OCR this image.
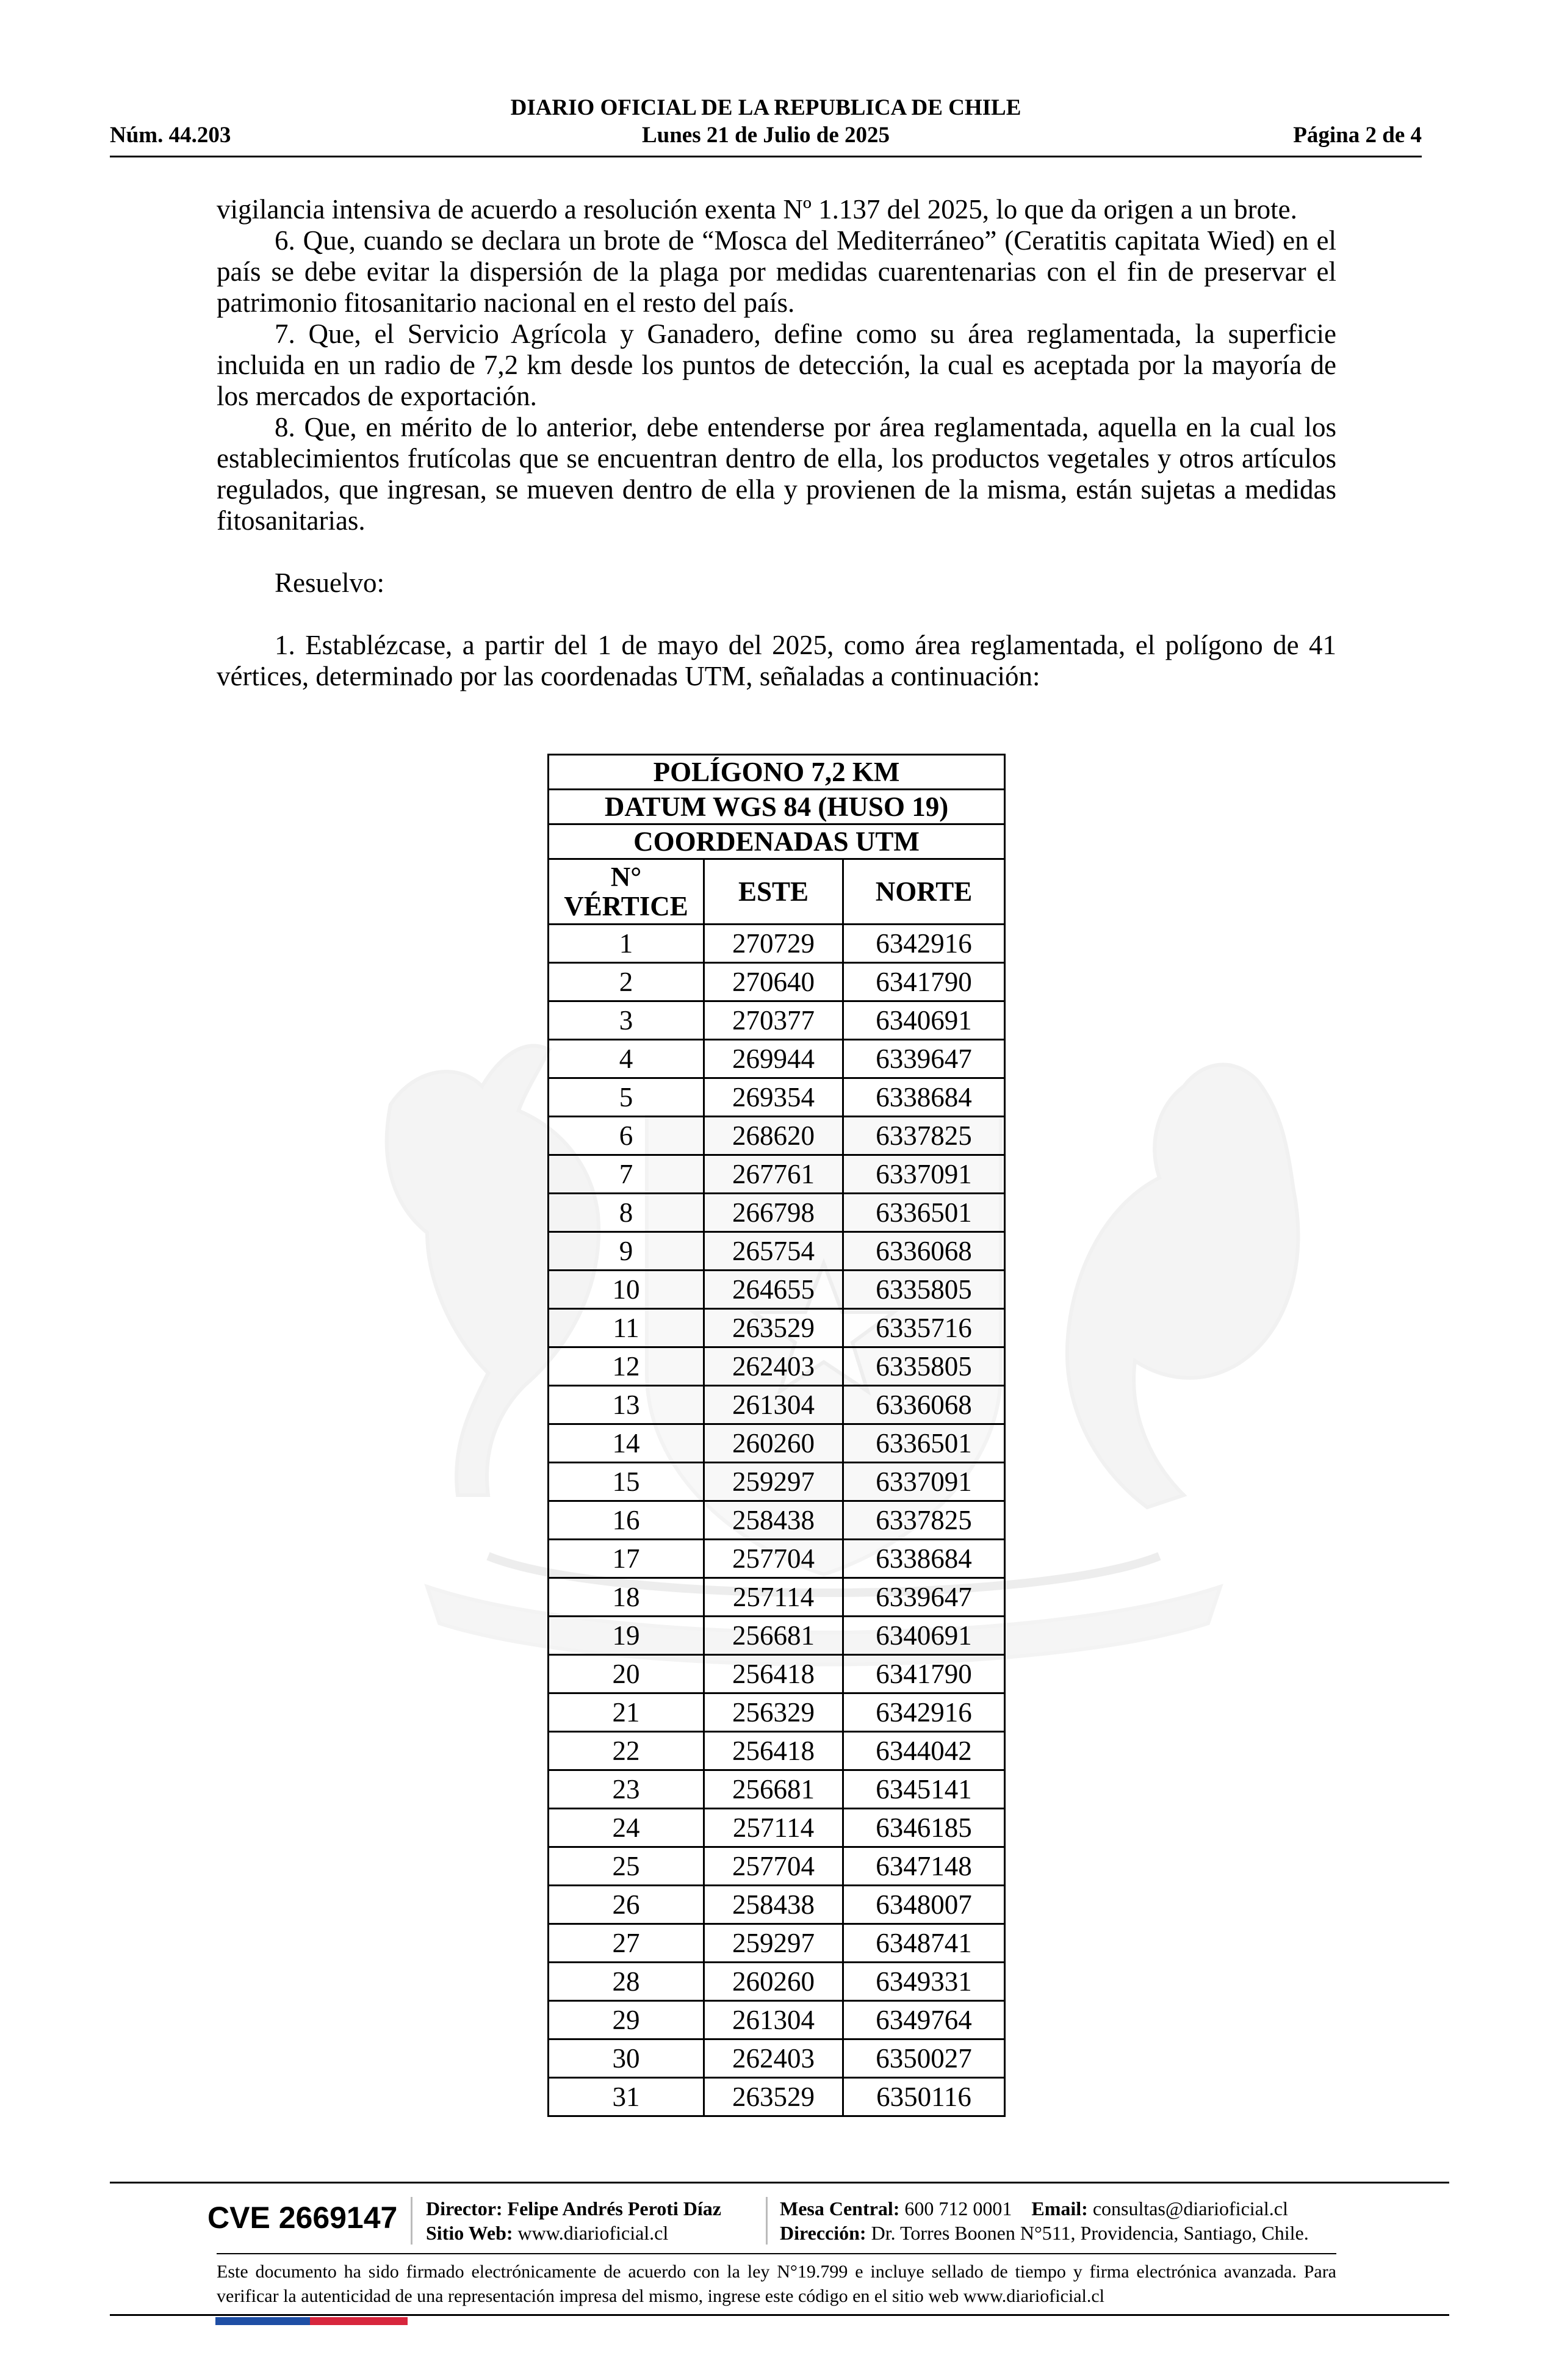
DIARIO OFICIAL DE LA REPUBLICA DE CHILE
Núm. 44.203	Lunes 21 de Julio de 2025	Página 2 de 4

vigilancia intensiva de acuerdo a resolución exenta Nº 1.137 del 2025, lo que da origen a un brote.

6. Que, cuando se declara un brote de “Mosca del Mediterráneo” (Ceratitis capitata Wied) en el país se debe evitar la dispersión de la plaga por medidas cuarentenarias con el fin de preservar el patrimonio fitosanitario nacional en el resto del país.

7. Que, el Servicio Agrícola y Ganadero, define como su área reglamentada, la superficie incluida en un radio de 7,2 km desde los puntos de detección, la cual es aceptada por la mayoría de los mercados de exportación.

8. Que, en mérito de lo anterior, debe entenderse por área reglamentada, aquella en la cual los establecimientos frutícolas que se encuentran dentro de ella, los productos vegetales y otros artículos regulados, que ingresan, se mueven dentro de ella y provienen de la misma, están sujetas a medidas fitosanitarias.

Resuelvo:

1. Establézcase, a partir del 1 de mayo del 2025, como área reglamentada, el polígono de 41 vértices, determinado por las coordenadas UTM, señaladas a continuación:

POLÍGONO 7,2 KM		
DATUM WGS 84 (HUSO 19)		
COORDENADAS UTM		

N°
VÉRTICE	ESTE	NORTE
1	270729	6342916
2	270640	6341790
3	270377	6340691
4	269944	6339647
5	269354	6338684
6	268620	6337825
7	267761	6337091
8	266798	6336501
9	265754	6336068
10	264655	6335805
11	263529	6335716
12	262403	6335805
13	261304	6336068
14	260260	6336501
15	259297	6337091
16	258438	6337825
17	257704	6338684
18	257114	6339647
19	256681	6340691
20	256418	6341790
21	256329	6342916
22	256418	6344042
23	256681	6345141
24	257114	6346185
25	257704	6347148
26	258438	6348007
27	259297	6348741
28	260260	6349331
29	261304	6349764
30	262403	6350027
31	263529	6350116
CVE 2669147 Director: Felipe Andrés Peroti Díaz
Sitio Web: www.diarioficial.cl
Mesa Central: 600 712 0001 Email: consultas@diarioficial.cl
Dirección: Dr. Torres Boonen N°511, Providencia, Santiago, Chile.
Este documento ha sido firmado electrónicamente de acuerdo con la ley N°19.799 e incluye sellado de tiempo y firma electrónica avanzada. Para verificar la autenticidad de una representación impresa del mismo, ingrese este código en el sitio web www.diarioficial.cl
